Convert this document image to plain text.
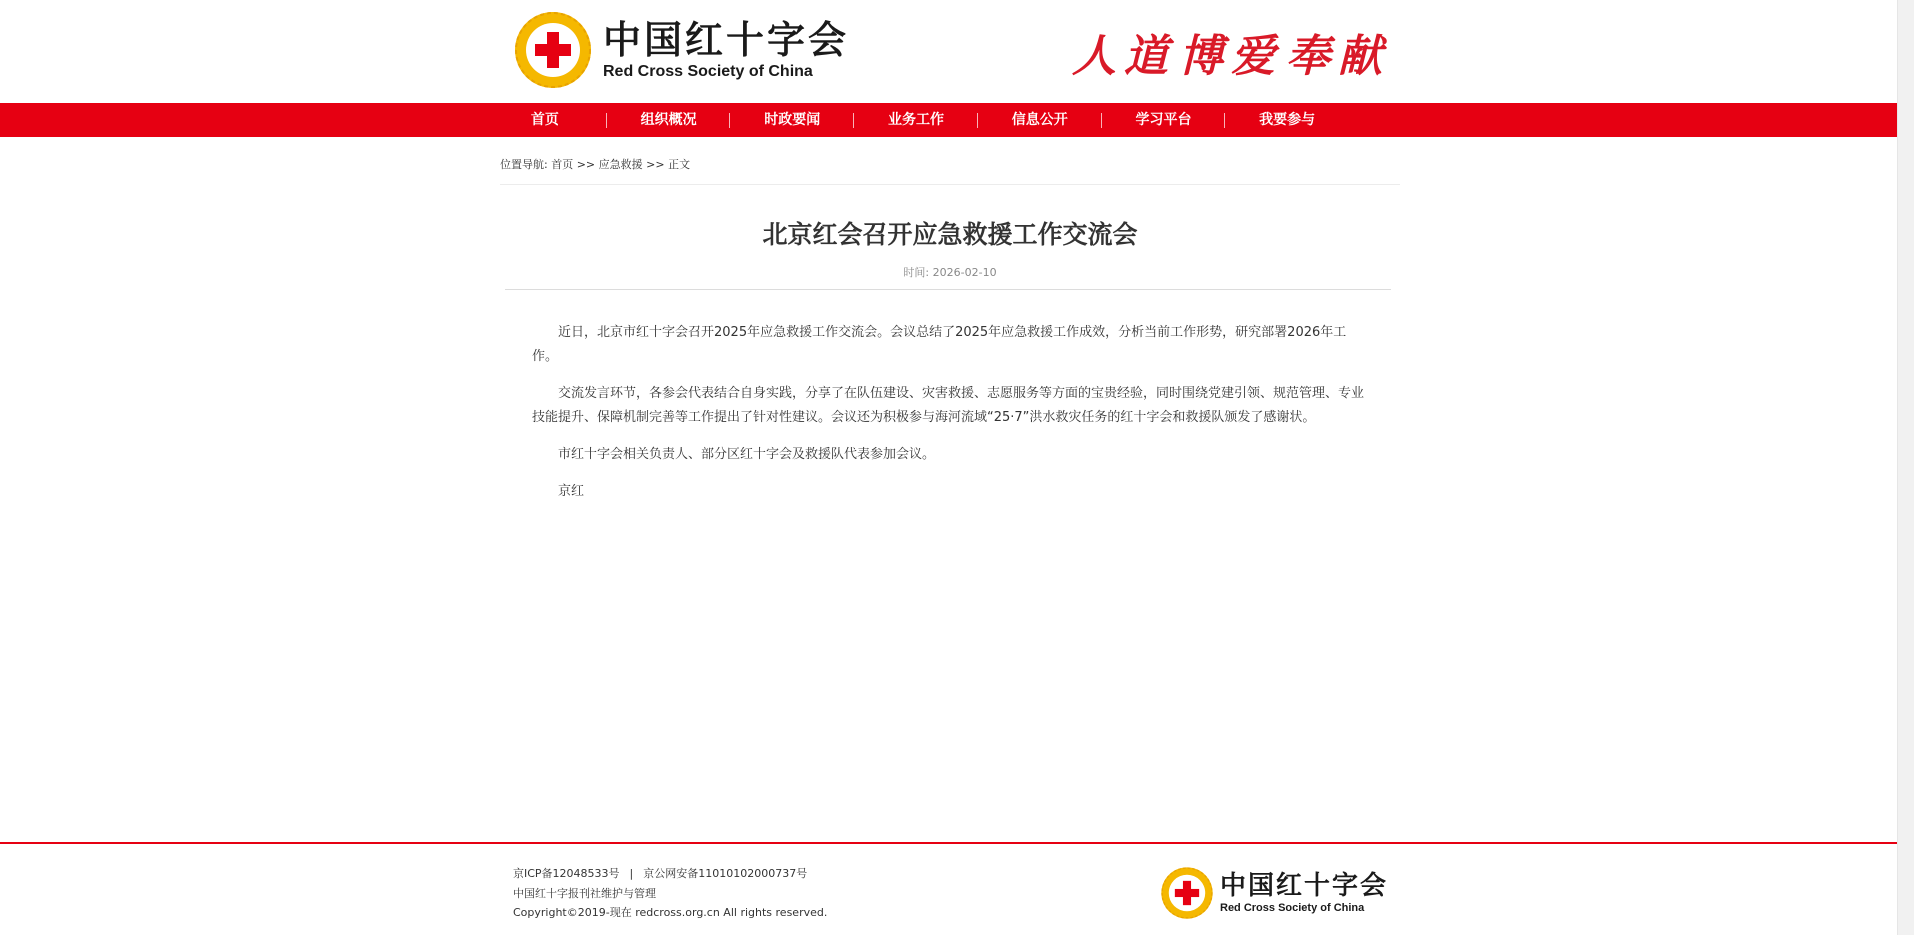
中国红十字会
Red Cross Society of China	人道 博爱 奉献
首页	组织概况	时政要闻	业务工作	信息公开	学习平台	我要参与
位置导航: 首页 >> 应急救援 >> 正文
北京红会召开应急救援工作交流会
时间: 2026-02-10

近日，北京市红十字会召开2025年应急救援工作交流会。会议总结了2025年应急救援工作成效，分析当前工作形势，研究部署2026年工作。

交流发言环节，各参会代表结合自身实践，分享了在队伍建设、灾害救援、志愿服务等方面的宝贵经验，同时围绕党建引领、规范管理、专业技能提升、保障机制完善等工作提出了针对性建议。会议还为积极参与海河流域“25·7”洪水救灾任务的红十字会和救援队颁发了感谢状。

市红十字会相关负责人、部分区红十字会及救援队代表参加会议。

京红

京ICP备12048533号 | 京公网安备11010102000737号
中国红十字报刊社维护与管理
Copyright©2019-现在 redcross.org.cn All rights reserved.
中国红十字会
Red Cross Society of China
